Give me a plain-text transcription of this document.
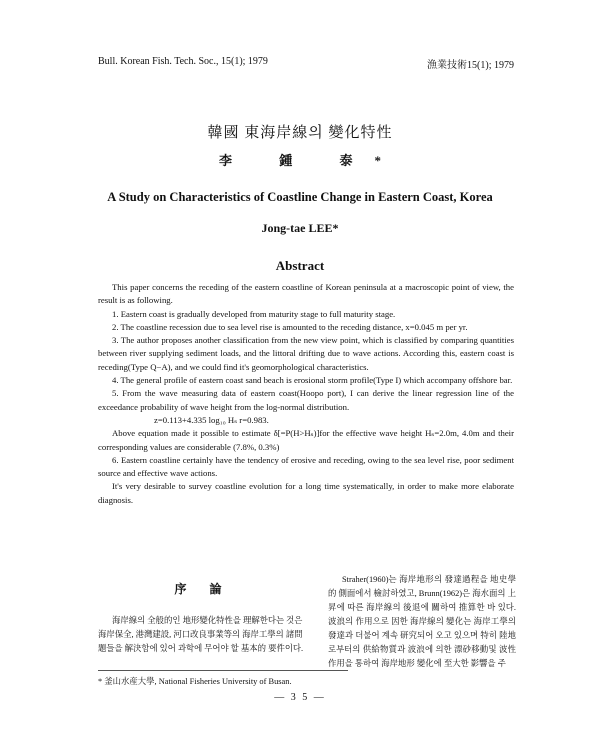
Bull. Korean Fish. Tech. Soc., 15(1); 1979	漁業技術15(1); 1979
韓國 東海岸線의 變化特性
李 鍾 泰*
A Study on Characteristics of Coastline Change in Eastern Coast, Korea
Jong-tae LEE*
Abstract

This paper concerns the receding of the eastern coastline of Korean peninsula at a macroscopic point of view, the result is as following.

1. Eastern coast is gradually developed from maturity stage to full maturity stage.

2. The coastline recession due to sea level rise is amounted to the receding distance, x=0.045 m per yr.

3. The author proposes another classification from the new view point, which is classified by comparing quantities between river supplying sediment loads, and the littoral drifting due to wave actions. According this, eastern coast is receding(Type Q−A), and we could find it's geomorphological characteristics.

4. The general profile of eastern coast sand beach is erosional storm profile(Type I) which accompany offshore bar.

5. From the wave measuring data of eastern coast(Hoopo port), I can derive the linear regression line of the exceedance probability of wave height from the log-normal distribution.

z=0.113+4.335 log₁₀ Hₛ r=0.983.

Above equation made it possible to estimate δ[=P(H>Hₛ)]for the effective wave height Hₛ=2.0m, 4.0m and their corresponding values are considerable (7.8%, 0.3%)

6. Eastern coastline certainly have the tendency of erosive and receding, owing to the sea level rise, poor sediment source and effective wave actions.

It's very desirable to survey coastline evolution for a long time systematically, in order to make more elaborate diagnosis.

序 論
海岸線의 全般的인 地形變化特性을 理解한다는 것은 海岸保全, 港灣建設, 河口改良事業等의 海岸工學의 諸問題들을 解決함에 있어 과학에 무어야 할 基本的 要件이다.
Straher(1960)는 海岸地形의 發達過程을 地史學的 側面에서 檢討하였고, Brunn(1962)은 海水面의 上昇에 따른 海岸線의 後退에 關하여 推算한 바 있다. 波浪의 作用으로 因한 海岸線의 變化는 海岸工學의 發達과 더불어 계속 研究되어 오고 있으며 特히 陸地로부터의 供給物質과 波浪에 의한 漂砂移動및 波性作用을 통하여 海岸地形 變化에 至大한 影響을 주
* 釜山水産大學, National Fisheries University of Busan.
— 3 5 —
